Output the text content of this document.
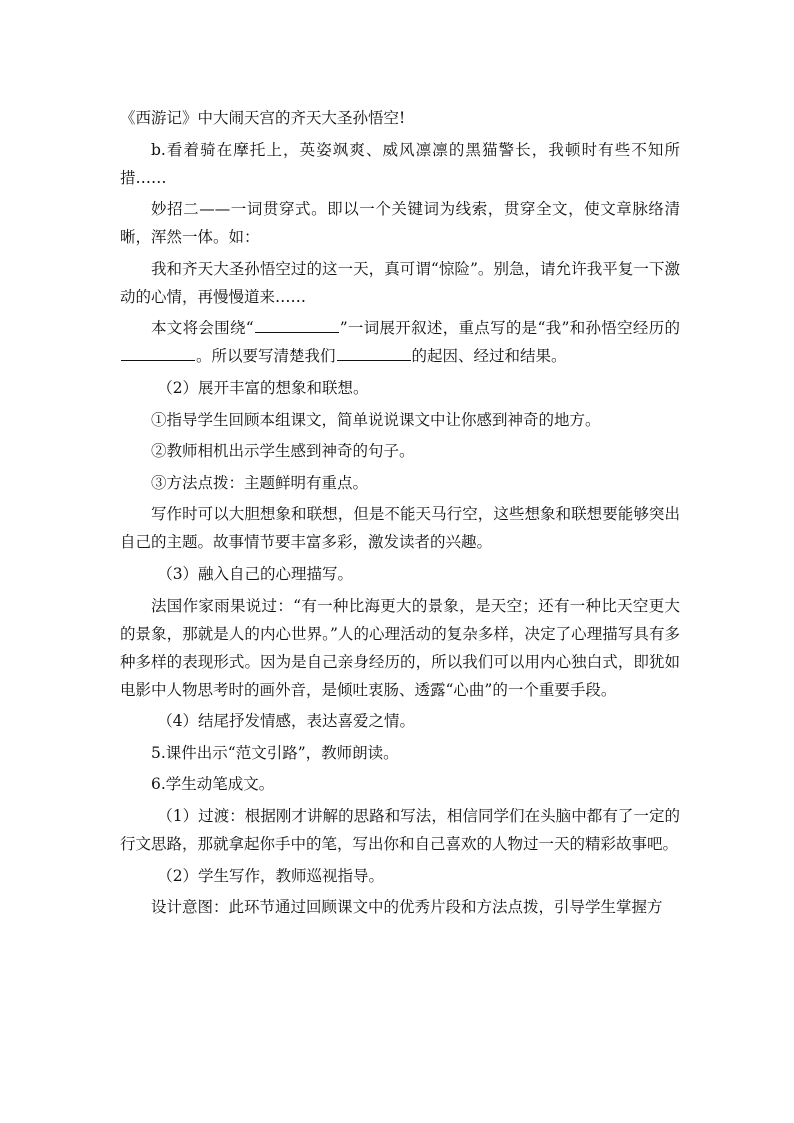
《西游记》中大闹天宫的齐天大圣孙悟空!

b.看着骑在摩托上，英姿飒爽、威风凛凛的黑猫警长，我顿时有些不知所措……

妙招二——一词贯穿式。即以一个关键词为线索，贯穿全文，使文章脉络清晰，浑然一体。如：

我和齐天大圣孙悟空过的这一天，真可谓“惊险”。别急，请允许我平复一下激动的心情，再慢慢道来……

本文将会围绕“	”一词展开叙述，重点写的是“我”和孙悟空经历的。所以要写清楚我们	的起因、经过和结果。

（2）展开丰富的想象和联想。

①指导学生回顾本组课文，简单说说课文中让你感到神奇的地方。

②教师相机出示学生感到神奇的句子。

③方法点拨：主题鲜明有重点。

写作时可以大胆想象和联想，但是不能天马行空，这些想象和联想要能够突出自己的主题。故事情节要丰富多彩，激发读者的兴趣。

（3）融入自己的心理描写。

法国作家雨果说过：“有一种比海更大的景象，是天空；还有一种比天空更大的景象，那就是人的内心世界。”人的心理活动的复杂多样，决定了心理描写具有多种多样的表现形式。因为是自己亲身经历的，所以我们可以用内心独白式，即犹如电影中人物思考时的画外音，是倾吐衷肠、透露“心曲”的一个重要手段。

（4）结尾抒发情感，表达喜爱之情。

5.课件出示“范文引路”，教师朗读。

6.学生动笔成文。

（1）过渡：根据刚才讲解的思路和写法，相信同学们在头脑中都有了一定的行文思路，那就拿起你手中的笔，写出你和自己喜欢的人物过一天的精彩故事吧。

（2）学生写作，教师巡视指导。

设计意图：此环节通过回顾课文中的优秀片段和方法点拨，引导学生掌握方
